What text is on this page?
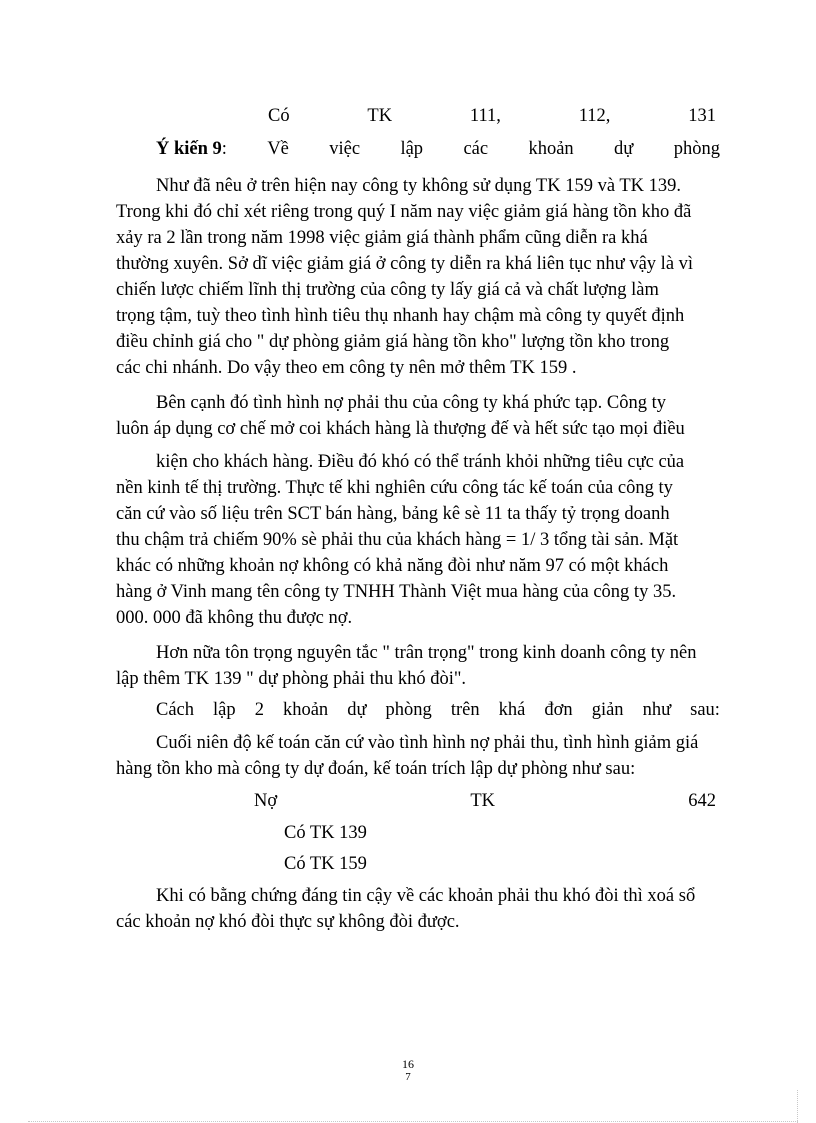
Có	TK	111,	112,	131
Ý kiến 9: Về việc lập các khoản dự phòng
Như đã nêu ở trên hiện nay công ty không sử dụng TK 159 và TK 139.
Trong khi đó chỉ xét riêng trong quý I năm nay việc giảm giá hàng tồn kho đã
xảy ra 2 lần trong năm 1998 việc giảm giá thành phẩm cũng diễn ra khá
thường xuyên. Sở dĩ việc giảm giá ở công ty diễn ra khá liên tục như vậy là vì
chiến lược chiếm lĩnh thị trường của công ty lấy giá cả và chất lượng làm
trọng tậm, tuỳ theo tình hình tiêu thụ nhanh hay chậm mà công ty quyết định
điều chỉnh giá cho " dự phòng giảm giá hàng tồn kho" lượng tồn kho trong
các chi nhánh. Do vậy theo em công ty nên mở thêm TK 159 .
Bên cạnh đó tình hình nợ phải thu của công ty khá phức tạp. Công ty
luôn áp dụng cơ chế mở coi khách hàng là thượng đế và hết sức tạo mọi điều
kiện cho khách hàng. Điều đó khó có thể tránh khỏi những tiêu cực của
nền kinh tế thị trường. Thực tế khi nghiên cứu công tác kế toán của công ty
căn cứ vào số liệu trên SCT bán hàng, bảng kê sè 11 ta thấy tỷ trọng doanh
thu chậm trả chiếm 90% sè phải thu của khách hàng = 1/ 3 tổng tài sản. Mặt
khác có những khoản nợ không có khả năng đòi như năm 97 có một khách
hàng ở Vinh mang tên công ty TNHH Thành Việt mua hàng của công ty 35.
000. 000 đã không thu được nợ.
Hơn nữa tôn trọng nguyên tắc " trân trọng" trong kinh doanh công ty nên
lập thêm TK 139 " dự phòng phải thu khó đòi".
Cách lập 2 khoản dự phòng trên khá đơn giản như sau:
Cuối niên độ kế toán căn cứ vào tình hình nợ phải thu, tình hình giảm giá
hàng tồn kho mà công ty dự đoán, kế toán trích lập dự phòng như sau:
Nợ	TK	642
Có TK 139
Có TK 159
Khi có bằng chứng đáng tin cậy về các khoản phải thu khó đòi thì xoá sổ
các khoản nợ khó đòi thực sự không đòi được.
16
7
